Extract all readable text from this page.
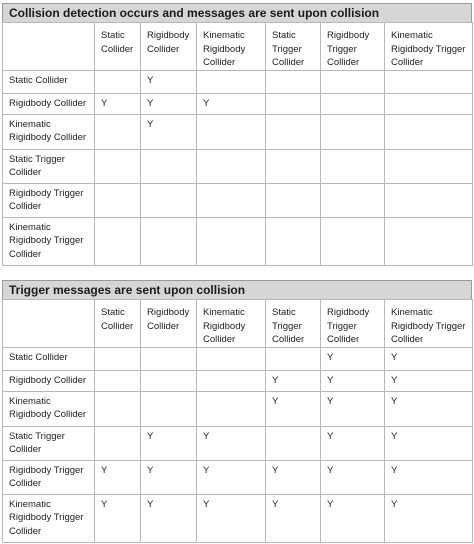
Collision detection occurs and messages are sent upon collision
	Static Collider	Rigidbody Collider	Kinematic Rigidbody Collider	Static Trigger Collider	Rigidbody Trigger Collider	Kinematic Rigidbody Trigger Collider
Static Collider		Y				
Rigidbody Collider	Y	Y	Y			
Kinematic Rigidbody Collider		Y				
Static Trigger Collider						
Rigidbody Trigger Collider						
Kinematic Rigidbody Trigger Collider						
Trigger messages are sent upon collision
	Static Collider	Rigidbody Collider	Kinematic Rigidbody Collider	Static Trigger Collider	Rigidbody Trigger Collider	Kinematic Rigidbody Trigger Collider
Static Collider					Y	Y
Rigidbody Collider				Y	Y	Y
Kinematic Rigidbody Collider				Y	Y	Y
Static Trigger Collider		Y	Y		Y	Y
Rigidbody Trigger Collider	Y	Y	Y	Y	Y	Y
Kinematic Rigidbody Trigger Collider	Y	Y	Y	Y	Y	Y
